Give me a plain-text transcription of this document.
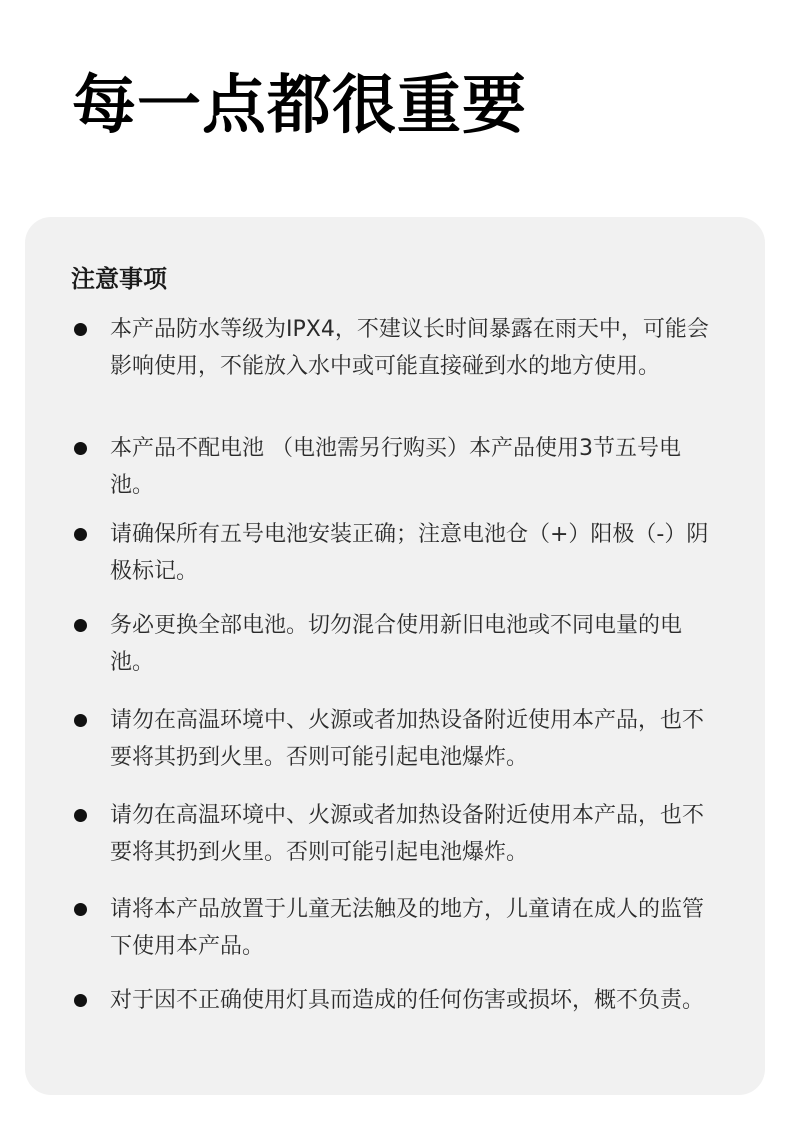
每一点都很重要
注意事项

本产品防水等级为IPX4，不建议长时间暴露在雨天中，可能会影响使用，不能放入水中或可能直接碰到水的地方使用。

本产品不配电池 （电池需另行购买）本产品使用3节五号电池。

请确保所有五号电池安装正确；注意电池仓（+）阳极（-）阴极标记。

务必更换全部电池。切勿混合使用新旧电池或不同电量的电池。

请勿在高温环境中、火源或者加热设备附近使用本产品，也不要将其扔到火里。否则可能引起电池爆炸。

请勿在高温环境中、火源或者加热设备附近使用本产品，也不要将其扔到火里。否则可能引起电池爆炸。

请将本产品放置于儿童无法触及的地方，儿童请在成人的监管下使用本产品。

对于因不正确使用灯具而造成的任何伤害或损坏，概不负责。
